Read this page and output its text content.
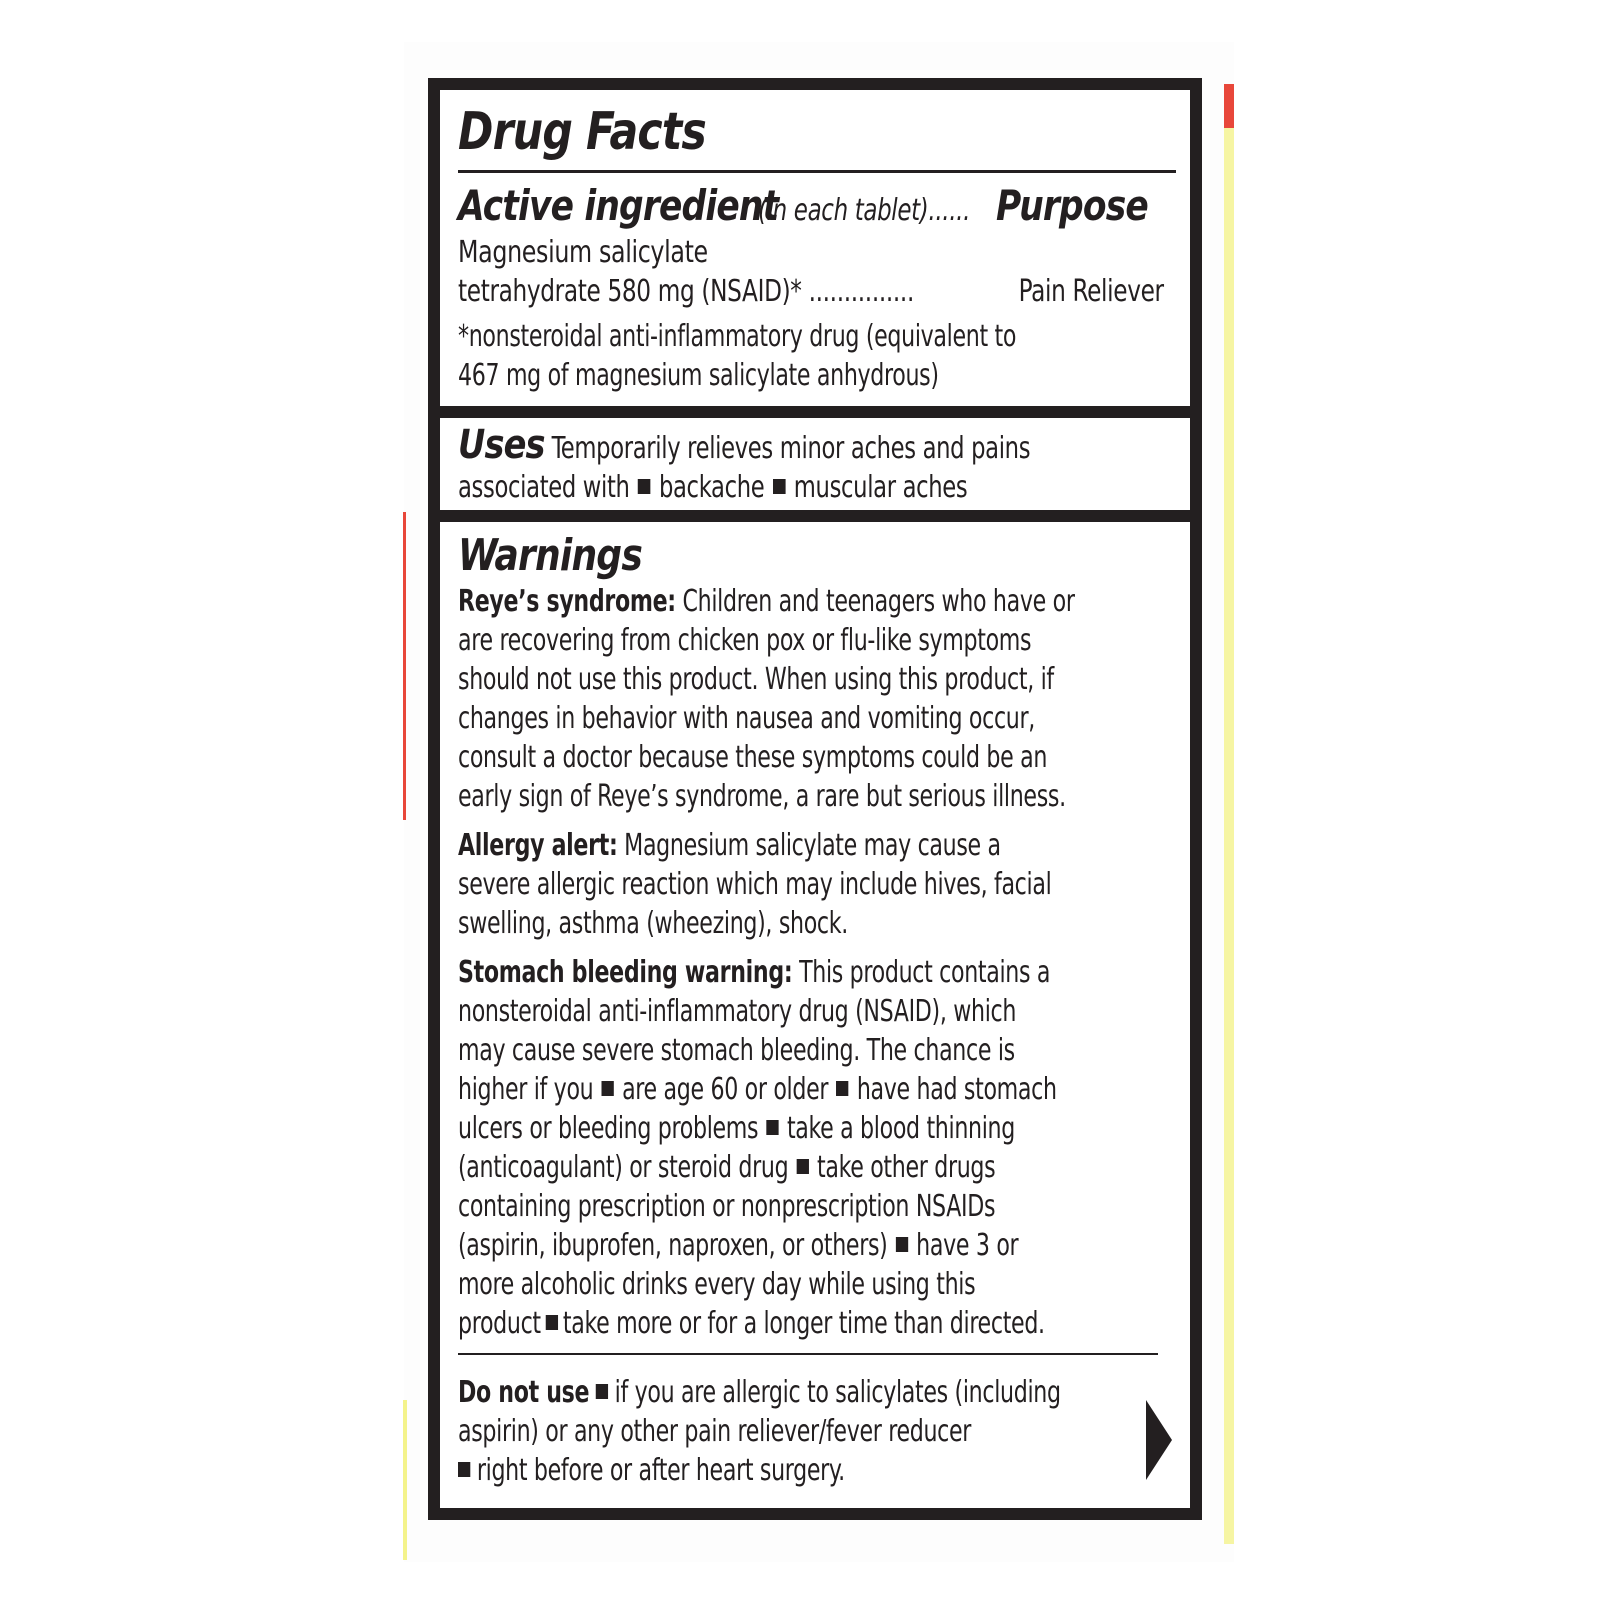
Drug Facts
Active ingredient
(in each tablet)...... Purpose
Magnesium salicylate
tetrahydrate 580 mg (NSAID)* ...............	Pain Reliever
*nonsteroidal anti-inflammatory drug (equivalent to
467 mg of magnesium salicylate anhydrous)
Uses Temporarily relieves minor aches and pains associated with backache muscular aches
Warnings
Reye’s syndrome: Children and teenagers who have or are recovering from chicken pox or flu-like symptoms
should not use this product. When using this product, if
changes in behavior with nausea and vomiting occur,
consult a doctor because these symptoms could be an
early sign of Reye’s syndrome, a rare but serious illness.
Allergy alert: Magnesium salicylate may cause a
severe allergic reaction which may include hives, facial
swelling, asthma (wheezing), shock.
Stomach bleeding warning: This product contains a
nonsteroidal anti-inflammatory drug (NSAID), which
may cause severe stomach bleeding. The chance is
higher if you are age 60 or older have had stomach
ulcers or bleeding problems take a blood thinning
(anticoagulant) or steroid drug take other drugs
containing prescription or nonprescription NSAIDs
(aspirin, ibuprofen, naproxen, or others) have 3 or
more alcoholic drinks every day while using this
product take more or for a longer time than directed.
Do not use if you are allergic to salicylates (including
aspirin) or any other pain reliever/fever reducer
right before or after heart surgery.
